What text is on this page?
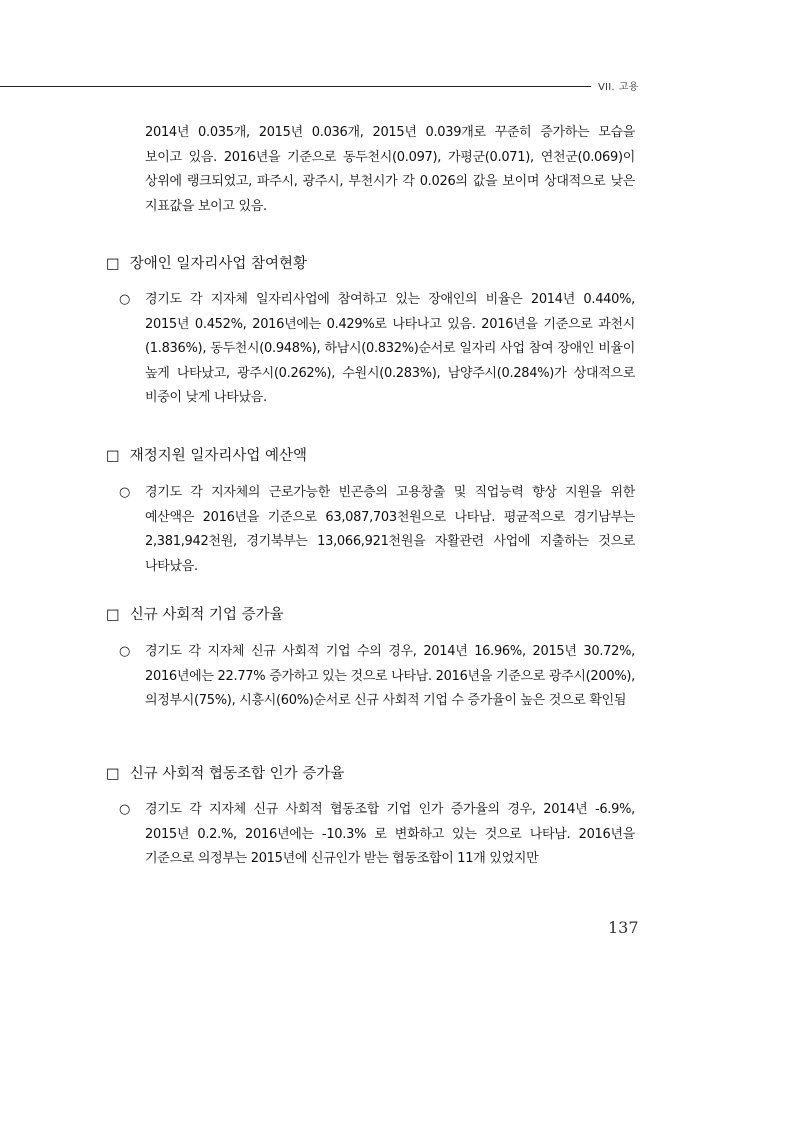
VII. 고용
2014년 0.035개, 2015년 0.036개, 2015년 0.039개로 꾸준히 증가하는 모습을 보이고 있음. 2016년을 기준으로 동두천시(0.097), 가평군(0.071), 연천군(0.069)이 상위에 랭크되었고, 파주시, 광주시, 부천시가 각 0.026의 값을 보이며 상대적으로 낮은 지표값을 보이고 있음.
□ 장애인 일자리사업 참여현황
○ 경기도 각 지자체 일자리사업에 참여하고 있는 장애인의 비율은 2014년 0.440%, 2015년 0.452%, 2016년에는 0.429%로 나타나고 있음. 2016년을 기준으로 과천시(1.836%), 동두천시(0.948%), 하남시(0.832%)순서로 일자리 사업 참여 장애인 비율이 높게 나타났고, 광주시(0.262%), 수원시(0.283%), 남양주시(0.284%)가 상대적으로 비중이 낮게 나타났음.
□ 재정지원 일자리사업 예산액
○ 경기도 각 지자체의 근로가능한 빈곤층의 고용창출 및 직업능력 향상 지원을 위한 예산액은 2016년을 기준으로 63,087,703천원으로 나타남. 평균적으로 경기남부는 2,381,942천원, 경기북부는 13,066,921천원을 자활관련 사업에 지출하는 것으로 나타났음.
□ 신규 사회적 기업 증가율
○ 경기도 각 지자체 신규 사회적 기업 수의 경우, 2014년 16.96%, 2015년 30.72%, 2016년에는 22.77% 증가하고 있는 것으로 나타남. 2016년을 기준으로 광주시(200%), 의정부시(75%), 시흥시(60%)순서로 신규 사회적 기업 수 증가율이 높은 것으로 확인됨
□ 신규 사회적 협동조합 인가 증가율
○ 경기도 각 지자체 신규 사회적 협동조합 기업 인가 증가율의 경우, 2014년 -6.9%, 2015년 0.2.%, 2016년에는 -10.3% 로 변화하고 있는 것으로 나타남. 2016년을 기준으로 의정부는 2015년에 신규인가 받는 협동조합이 11개 있었지만
137
